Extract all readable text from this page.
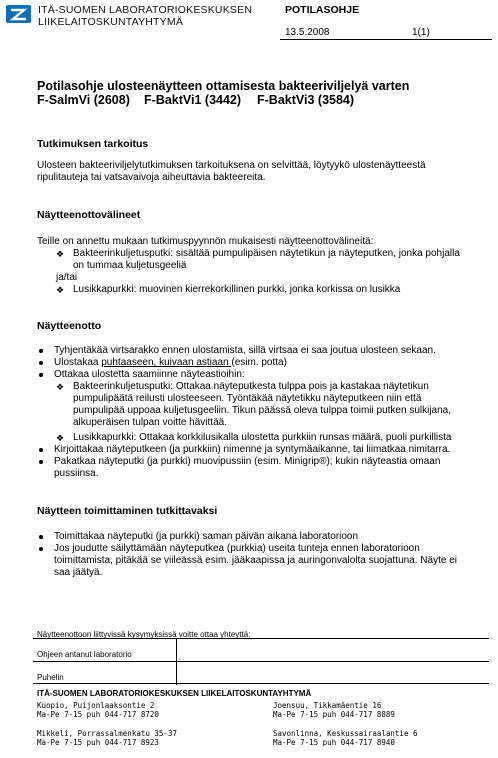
ITÄ-SUOMEN LABORATORIOKESKUKSEN
LIIKELAITOSKUNTAYHTYMÄ
POTILASOHJE
13.5.2008	1(1)
Potilasohje ulosteenäytteen ottamisesta bakteeriviljelyä varten
F-SalmVi (2608) F-BaktVi1 (3442) F-BaktVi3 (3584)
Tutkimuksen tarkoitus
Ulosteen bakteeriviljelytutkimuksen tarkoituksena on selvittää, löytyykö ulostenäytteestä
ripulitauteja tai vatsavaivoja aiheuttavia bakteereita.
Näytteenottovälineet
Teille on annettu mukaan tutkimuspyynnön mukaisesti näytteenottovälineitä:
❖ Bakteerinkuljetusputki: sisältää pumpulipäisen näytetikun ja näyteputken, jonka pohjalla
on tummaa kuljetusgeeliä
ja/tai
❖ Lusikkapurkki: muovinen kierrekorkillinen purkki, jonka korkissa on lusikka
Näytteenotto
Tyhjentäkää virtsarakko ennen ulostamista, sillä virtsaa ei saa joutua ulosteen sekaan.
Ulostakaa puhtaaseen, kuivaan astiaan (esim. potta)
Ottakaa ulostetta saamiinne näyteastioihin:
❖ Bakteerinkuljetusputki: Ottakaa näyteputkesta tulppa pois ja kastakaa näytetikun
pumpulipäätä reilusti ulosteeseen. Työntäkää näytetikku näyteputkeen niin että
pumpulipää uppoaa kuljetusgeeliin. Tikun päässä oleva tulppa toimii putken sulkijana,
alkuperäisen tulpan voitte hävittää.
❖ Lusikkapurkki: Ottakaa korkkilusikalla ulostetta purkkiin runsas määrä, puoli purkillista
Kirjoittakaa näyteputkeen (ja purkkiin) nimenne ja syntymäaikanne, tai liimatkaa nimitarra.
Pakatkaa näyteputki (ja purkki) muovipussiin (esim. Minigrip®); kukin näyteastia omaan
pussiinsa.
Näytteen toimittaminen tutkittavaksi
Toimittakaa näyteputki (ja purkki) saman päivän aikana laboratorioon
Jos joudutte säilyttämään näyteputkea (purkkia) useita tunteja ennen laboratorioon
toimittamista, pitäkää se viileässä esim. jääkaapissa ja auringonvalolta suojattuna. Näyte ei
saa jäätyä.
Näytteenottoon liittyvissä kysymyksissä voitte ottaa yhteyttä:
Ohjeen antanut laboratorio
Puhelin
ITÄ-SUOMEN LABORATORIOKESKUKSEN LIIKELAITOSKUNTAYHTYMÄ
Kuopio, Puijonlaaksontie 2
Ma-Pe 7-15 puh 044-717 8720
Joensuu, Tikkamäentie 16
Ma-Pe 7-15 puh 044-717 8889
Mikkeli, Porrassalmenkatu 35-37
Ma-Pe 7-15 puh 044-717 8923
Savonlinna, Keskussairaalantie 6
Ma-Pe 7-15 puh 044-717 8940
